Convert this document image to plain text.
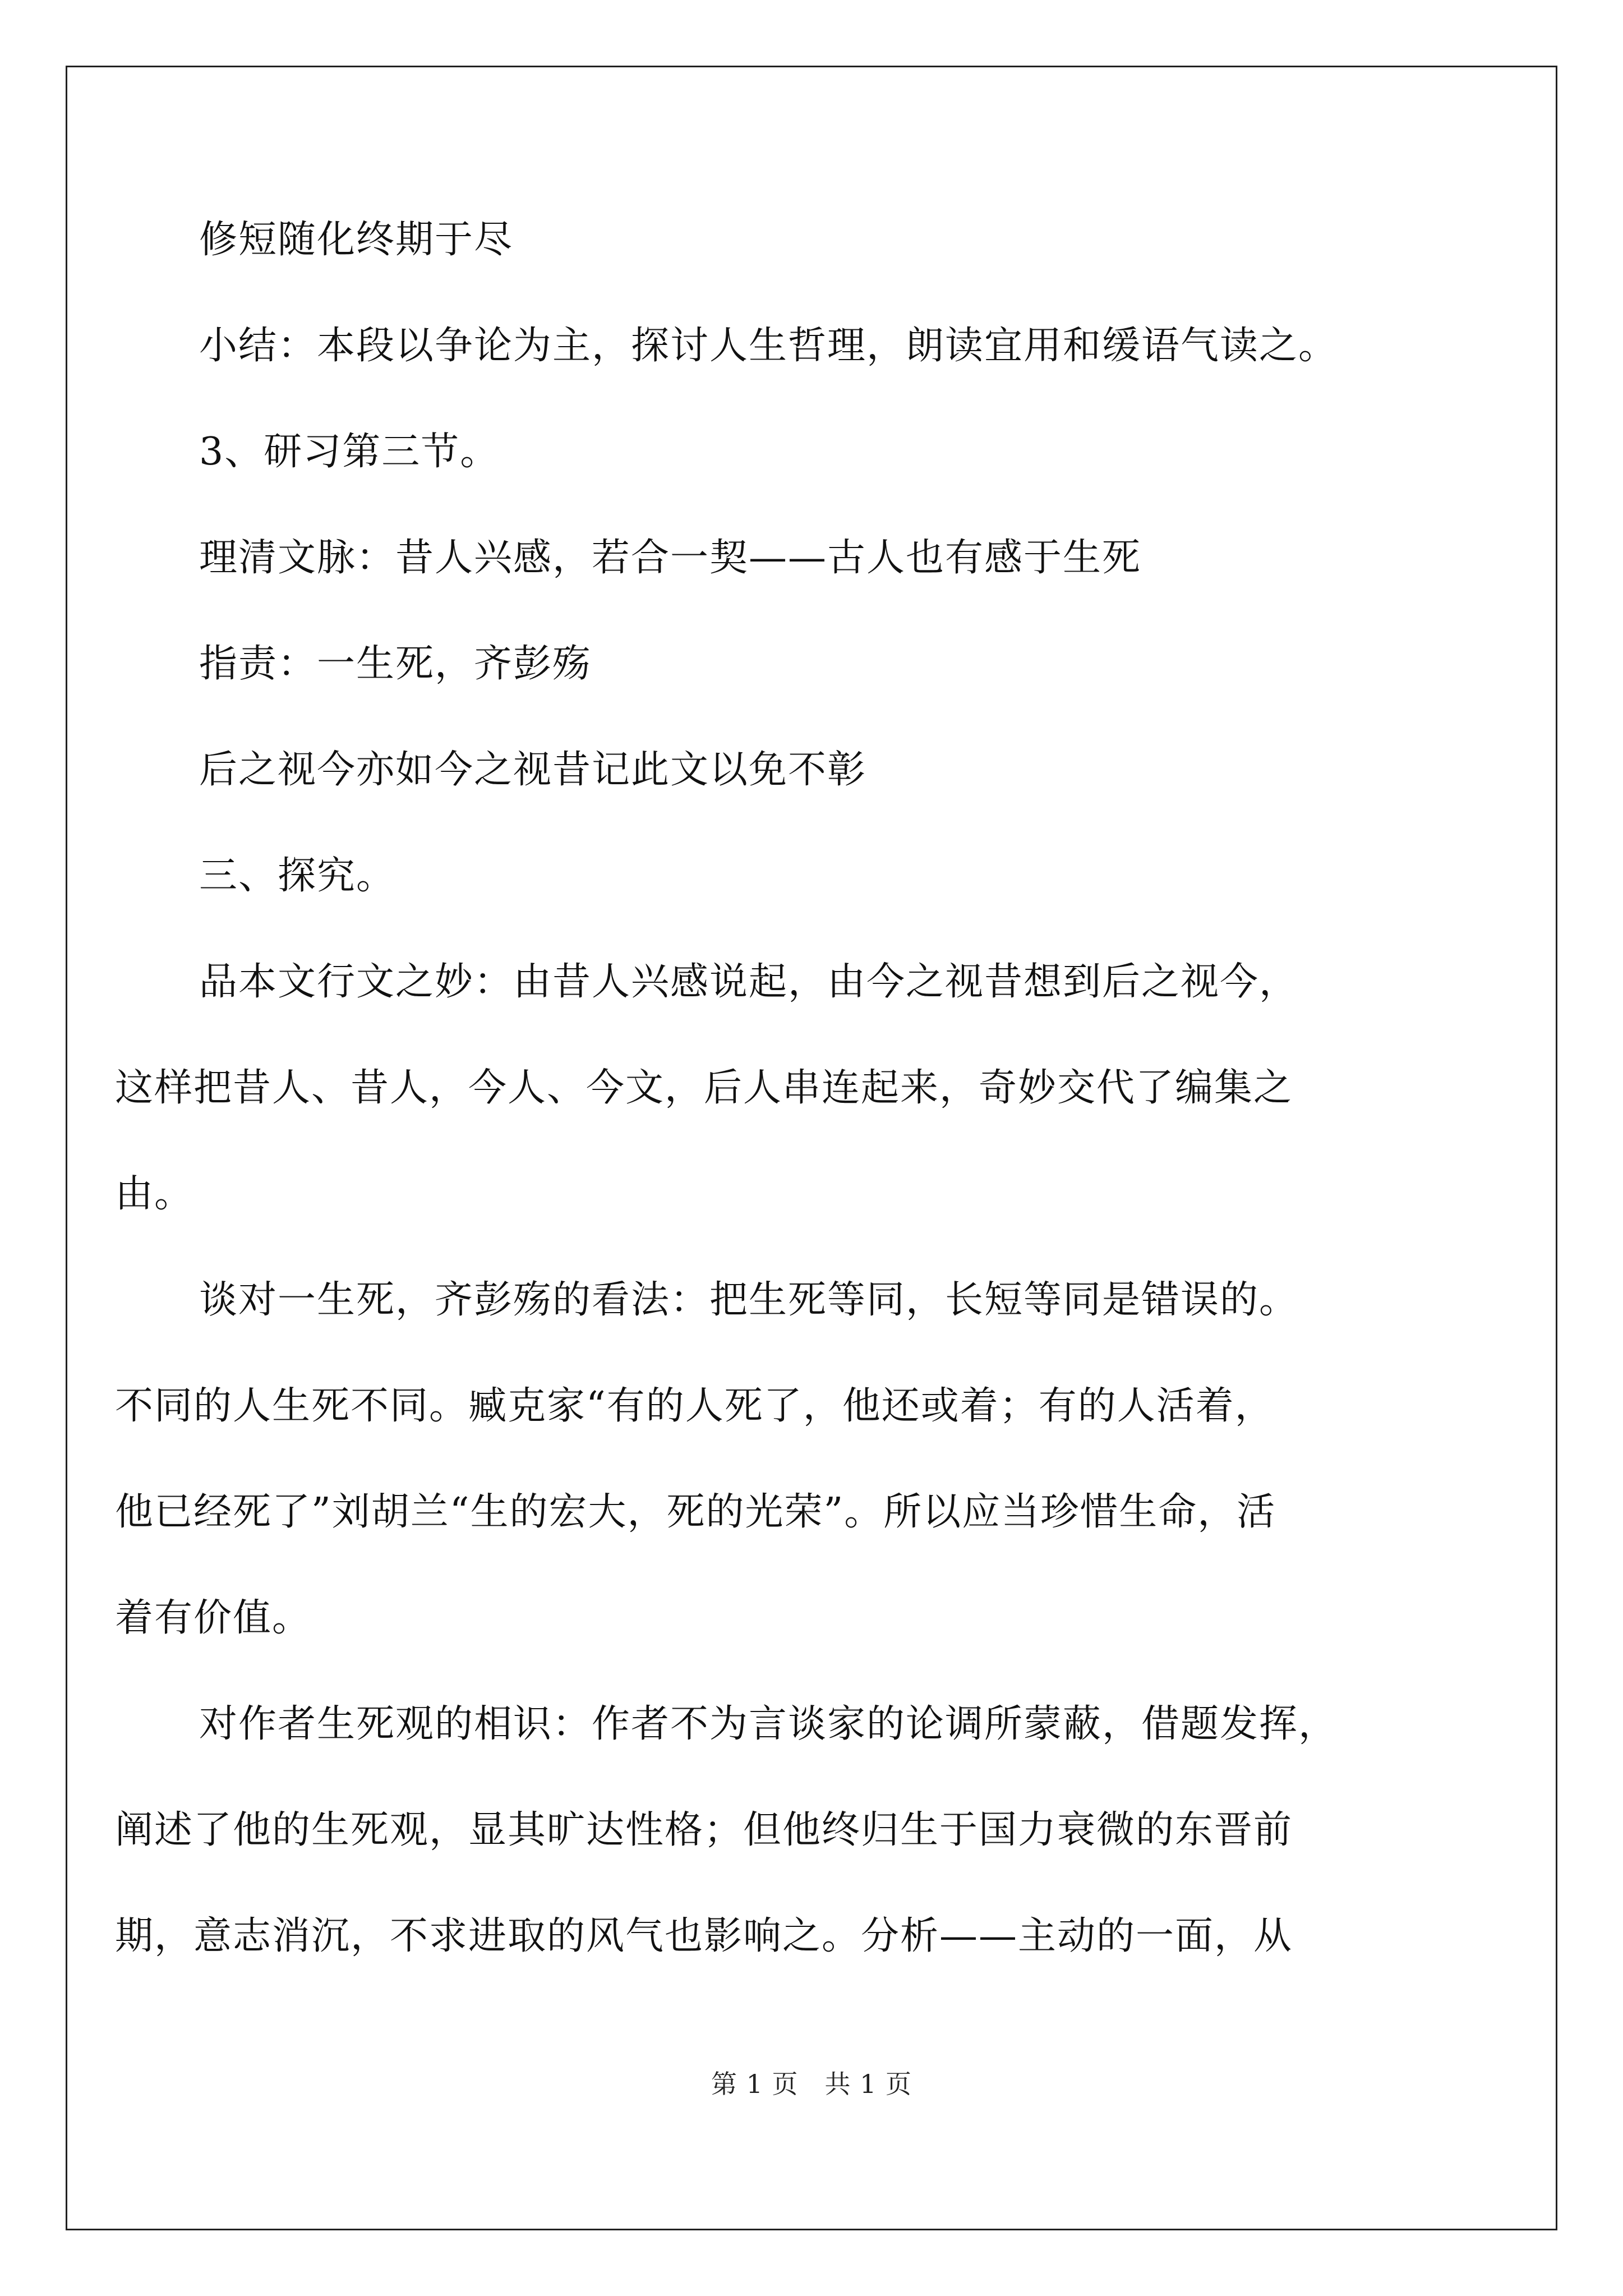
修短随化终期于尽

小结：本段以争论为主，探讨人生哲理，朗读宜用和缓语气读之。

3、研习第三节。

理清文脉：昔人兴感，若合一契——古人也有感于生死

指责：一生死，齐彭殇

后之视今亦如今之视昔记此文以免不彰

三、探究。

品本文行文之妙：由昔人兴感说起，由今之视昔想到后之视今，

这样把昔人、昔人，今人、今文，后人串连起来，奇妙交代了编集之

由。

谈对一生死，齐彭殇的看法：把生死等同，长短等同是错误的。

不同的人生死不同。臧克家“有的人死了，他还或着；有的人活着，

他已经死了”刘胡兰“生的宏大，死的光荣”。所以应当珍惜生命，活

着有价值。

对作者生死观的相识：作者不为言谈家的论调所蒙蔽，借题发挥，

阐述了他的生死观，显其旷达性格；但他终归生于国力衰微的东晋前

期，意志消沉，不求进取的风气也影响之。分析——主动的一面，从

第 1 页　共 1 页
